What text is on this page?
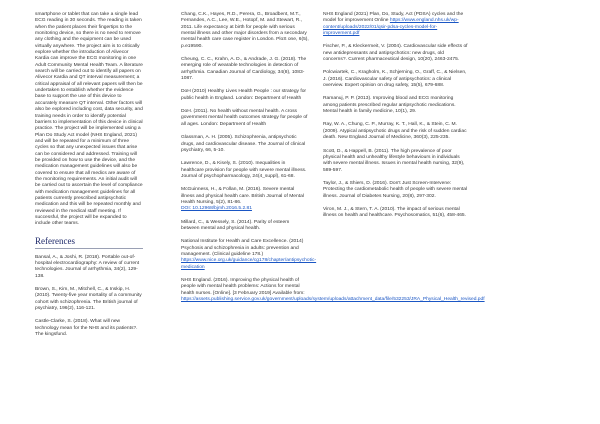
smartphone or tablet that can take a single lead ECG reading in 30 seconds. The reading is taken when the patient places their fingertips to the monitoring device, so there is no need to remove any clothing and the equipment can be used virtually anywhere. The project aim is to critically explore whether the introduction of Alivecor Kardia can improve the ECG monitoring in one Adult Community Mental Health Team. A literature search will be carried out to identify all papers on Alivecor Kardia and QT interval measurement; a critical appraisal of all relevant papers will then be undertaken to establish whether the evidence base to support the use of this device to accurately measure QT interval. Other factors will also be explored including cost, data security, and training needs in order to identify potential barriers to implementation of this device in clinical practice. The project will be implemented using a Plan Do Study Act model (NHS England, 2021) and will be repeated for a minimum of three cycles so that any unexpected issues that arise can be considered and addressed. Training will be provided on how to use the device, and the medication management guidelines will also be covered to ensure that all medics are aware of the monitoring requirements. An initial audit will be carried out to ascertain the level of compliance with medication management guidelines for all patients currently prescribed antipsychotic medication and this will be repeated monthly and reviewed in the medical staff meeting. If successful, the project will be expanded to include other teams.

References

Bansal, A., & Joshi, R. (2018). Portable out-of-hospital electrocardiography: A review of current technologies. Journal of arrhythmia, 34(2), 129-138.

Brown, S., Kim, M., Mitchell, C., & Inskip, H. (2010). Twenty-five year mortality of a community cohort with schizophrenia. The British journal of psychiatry, 196(2), 116-121.

Castle-Clarke, S. (2018). What will new technology mean for the NHS and its patients?. The kingsfund.

Chang, C.K., Hayes, R.D., Perera, G., Broadbent, M.T., Fernandes, A.C., Lee, W.E., Hotopf, M. and Stewart, R., 2011. Life expectancy at birth for people with serious mental illness and other major disorders from a secondary mental health care case register in London. PloS one, 6(5), p.e19590.

Cheung, C. C., Krahn, A. D., & Andrade, J. G. (2018). The emerging role of wearable technologies in detection of arrhythmia. Canadian Journal of Cardiology, 34(8), 1083-1087.

DoH (2010) Healthy Lives Health People : our strategy for public health in England. London: Department of Health

DoH. (2011). No health without mental health. A cross government mental health outcomes strategy for people of all ages. London: Department of Health

Glassman, A. H. (2005). Schizophrenia, antipsychotic drugs, and cardiovascular disease. The Journal of clinical psychiatry, 66, 5-10.

Lawrence, D., & Kisely, S. (2010). Inequalities in healthcare provision for people with severe mental illness. Journal of psychopharmacology, 24(4_suppl), 61-68.

McGuinness, H., & Follan, M. (2016). Severe mental illness and physical health care. British Journal of Mental Health Nursing, 5(2), 81-86.
DOI: 10.12968/bjmh.2016.5.2.81

Millard, C., & Wessely, S. (2014). Parity of esteem between mental and physical health.

National Institute for Health and Care Excellence. (2014) Psychosis and schizophrenia in adults: prevention and management. (Clinical guideline 178.) https://www.nice.org.uk/guidance/cg178/chapter/antipsychotic-medication

NHS England. (2016). Improving the physical health of people with mental health problems: Actions for mental health nurses. [Online]. [3 February 2019] Available from: https://assets.publishing.service.gov.uk/government/uploads/system/uploads/attachment_data/file/532253/JRA_Physical_Health_revised.pdf

NHS England (2021) Plan, Do, Study, Act (PDSA) cycles and the model for improvement Online https://www.england.nhs.uk/wp-content/uploads/2022/01/qsir-pdsa-cycles-model-for-improvement.pdf

Fischer, P., & Kleckermeit, V. (2004). Cardiovascular side effects of new antidepressants and antipsychotics: new drugs, old concerns?. Current pharmaceutical design, 10(20), 2463-2475.

Polcwiartek, C., Kragholm, K., Schjerning, O., Graff, C., & Nielsen, J. (2016). Cardiovascular safety of antipsychotics: a clinical overview. Expert opinion on drug safety, 15(5), 679-688.

Ramanuj, P. P. (2013). Improving blood and ECG monitoring among patients prescribed regular antipsychotic medications. Mental health in family medicine, 10(1), 29.

Ray, W. A., Chung, C. P., Murray, K. T., Hall, K., & Stein, C. M. (2009). Atypical antipsychotic drugs and the risk of sudden cardiac death. New England Journal of Medicine, 360(3), 225-235.

Scott, D., & Happell, B. (2011). The high prevalence of poor physical health and unhealthy lifestyle behaviours in individuals with severe mental illness. Issues in mental health nursing, 32(9), 589-597.

Taylor, J., & Shiers, D. (2016). Don't Just Screen-Intervene: Protecting the cardiometabolic health of people with severe mental illness. Journal of Diabetes Nursing, 20(8), 297-302.

Viron, M. J., & Stern, T. A. (2010). The impact of serious mental illness on health and healthcare. Psychosomatics, 51(6), 458-465.
